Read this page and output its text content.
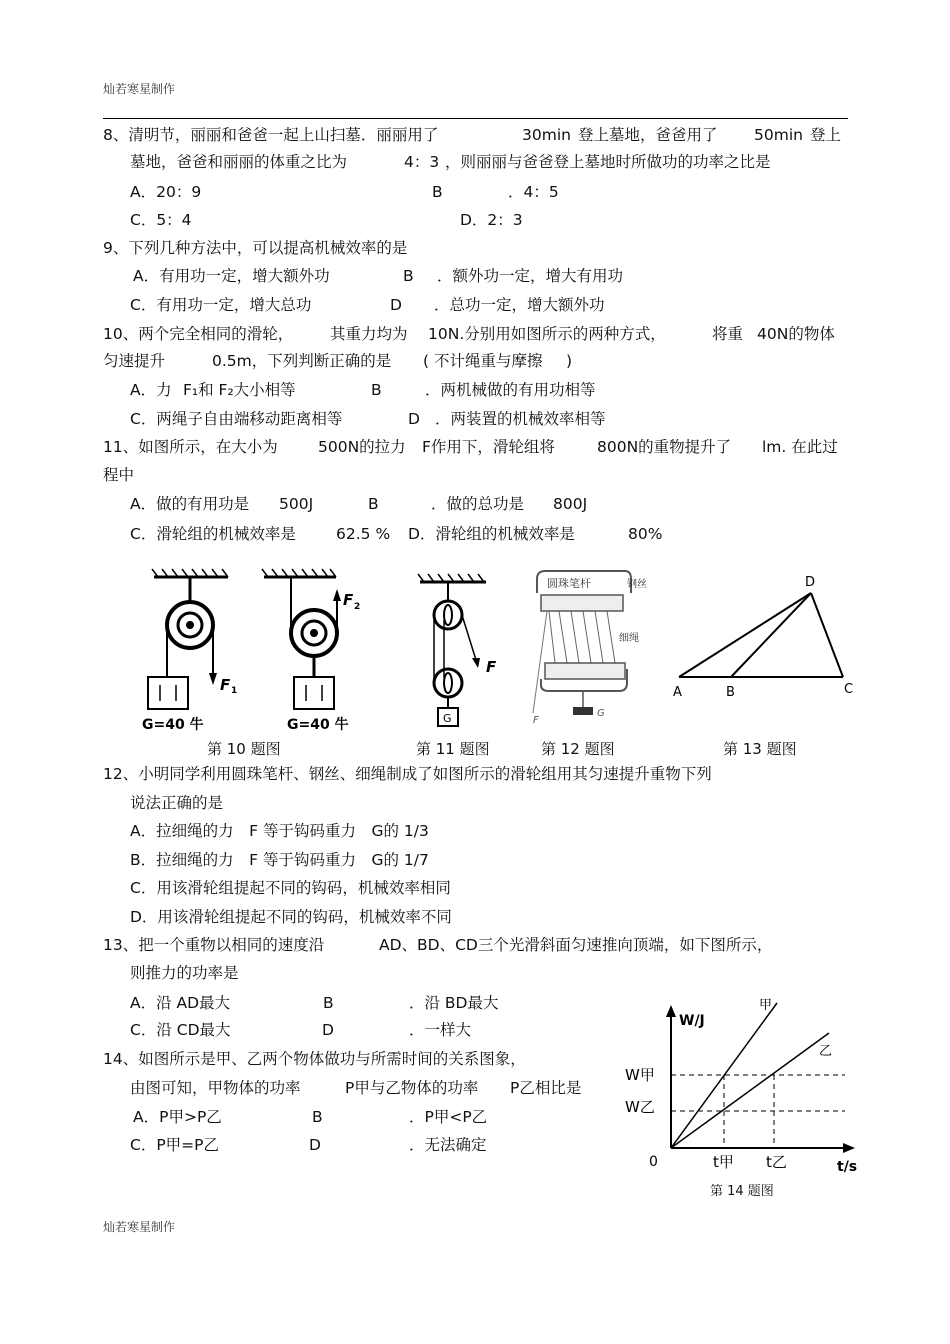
灿若寒星制作
8、清明节，丽丽和爸爸一起上山扫墓．丽丽用了	30min 登上墓地，爸爸用了 50min 登上
墓地，爸爸和丽丽的体重之比为	4：3 ，则丽丽与爸爸登上墓地时所做功的功率之比是
A．20：9	B	．4：5
C．5：4	D．2：3
9、下列几种方法中，可以提高机械效率的是
A．有用功一定，增大额外功	B ．额外功一定，增大有用功
C．有用功一定，增大总功	D ．总功一定，增大额外功
10、两个完全相同的滑轮， 其重力均为 10N.分别用如图所示的两种方式，	将重 40N的物体
匀速提升	0.5m，下列判断正确的是 ( 不计绳重与摩擦 )
A．力 F₁和 F₂大小相等	B	．两机械做的有用功相等
C．两绳子自由端移动距离相等	D ．两装置的机械效率相等
11、如图所示，在大小为	500N的拉力 F作用下，滑轮组将	800N的重物提升了 lm. 在此过
程中
A．做的有用功是 500J	B	．做的总功是 800J
C．滑轮组的机械效率是	62.5 % D．滑轮组的机械效率是	80%
F 1
G=40 牛
F 2
G=40 牛
F
G
圆珠笔杆	钢丝
细绳
F
G
A	B	C
D
第 10 题图	第 11 题图	第 12 题图	第 13 题图
12、小明同学利用圆珠笔杆、钢丝、细绳制成了如图所示的滑轮组用其匀速提升重物下列
说法正确的是
A．拉细绳的力　F 等于钩码重力　G的 1/3
B．拉细绳的力　F 等于钩码重力　G的 1/7
C．用该滑轮组提起不同的钩码，机械效率相同
D．用该滑轮组提起不同的钩码，机械效率不同
13、把一个重物以相同的速度沿	AD、BD、CD三个光滑斜面匀速推向顶端，如下图所示，
则推力的功率是
A．沿 AD最大	B	．沿 BD最大
C．沿 CD最大	D	．一样大
14、如图所示是甲、乙两个物体做功与所需时间的关系图象，
由图可知，甲物体的功率	P甲与乙物体的功率 P乙相比是
A．P甲>P乙	B	．P甲<P乙
C．P甲=P乙	D	．无法确定
W/J
t/s
0
W甲
W乙
t甲 t乙
甲
乙
第 14 题图
灿若寒星制作
